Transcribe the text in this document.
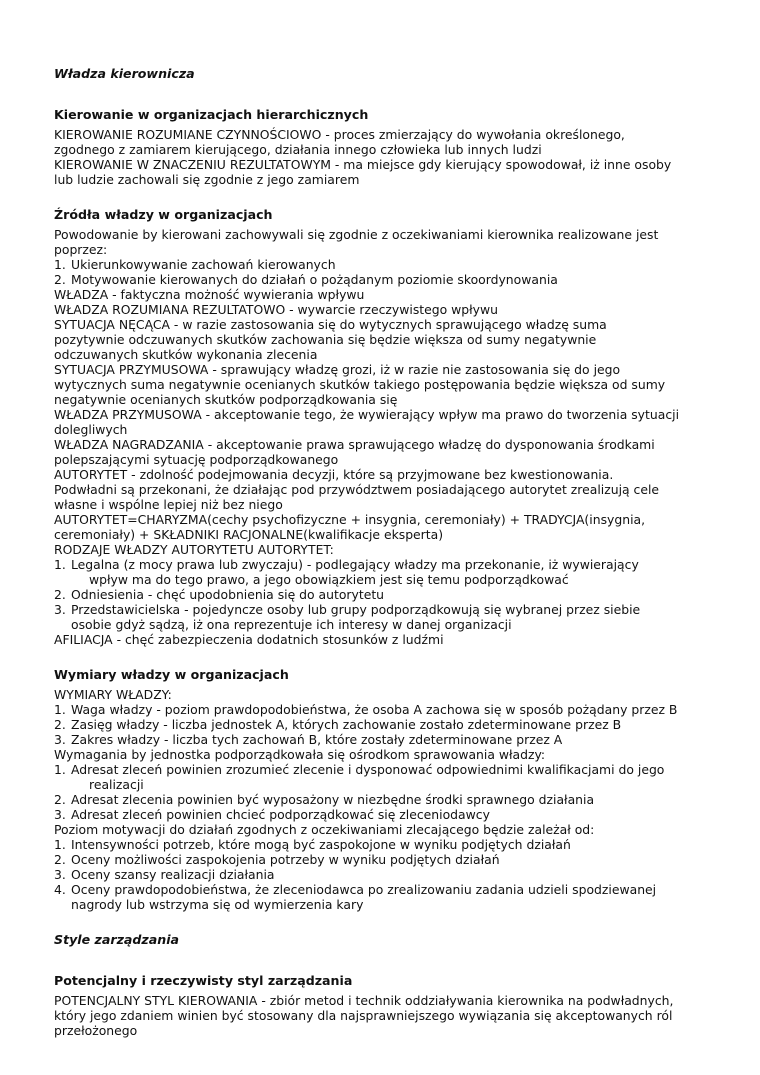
Władza kierownicza
Kierowanie w organizacjach hierarchicznych
KIEROWANIE ROZUMIANE CZYNNOŚCIOWO - proces zmierzający do wywołania określonego,
zgodnego z zamiarem kierującego, działania innego człowieka lub innych ludzi
KIEROWANIE W ZNACZENIU REZULTATOWYM - ma miejsce gdy kierujący spowodował, iż inne osoby
lub ludzie zachowali się zgodnie z jego zamiarem
Źródła władzy w organizacjach
Powodowanie by kierowani zachowywali się zgodnie z oczekiwaniami kierownika realizowane jest
poprzez:
1. Ukierunkowywanie zachowań kierowanych
2. Motywowanie kierowanych do działań o pożądanym poziomie skoordynowania
WŁADZA - faktyczna możność wywierania wpływu
WŁADZA ROZUMIANA REZULTATOWO - wywarcie rzeczywistego wpływu
SYTUACJA NĘCĄCA - w razie zastosowania się do wytycznych sprawującego władzę suma
pozytywnie odczuwanych skutków zachowania się będzie większa od sumy negatywnie
odczuwanych skutków wykonania zlecenia
SYTUACJA PRZYMUSOWA - sprawujący władzę grozi, iż w razie nie zastosowania się do jego
wytycznych suma negatywnie ocenianych skutków takiego postępowania będzie większa od sumy
negatywnie ocenianych skutków podporządkowania się
WŁADZA PRZYMUSOWA - akceptowanie tego, że wywierający wpływ ma prawo do tworzenia sytuacji
dolegliwych
WŁADZA NAGRADZANIA - akceptowanie prawa sprawującego władzę do dysponowania środkami
polepszającymi sytuację podporządkowanego
AUTORYTET - zdolność podejmowania decyzji, które są przyjmowane bez kwestionowania.
Podwładni są przekonani, że działając pod przywództwem posiadającego autorytet zrealizują cele
własne i wspólne lepiej niż bez niego
AUTORYTET=CHARYZMA(cechy psychofizyczne + insygnia, ceremoniały) + TRADYCJA(insygnia,
ceremoniały) + SKŁADNIKI RACJONALNE(kwalifikacje eksperta)
RODZAJE WŁADZY AUTORYTETU AUTORYTET:
1. Legalna (z mocy prawa lub zwyczaju) - podlegający władzy ma przekonanie, iż wywierający
wpływ ma do tego prawo, a jego obowiązkiem jest się temu podporządkować
2. Odniesienia - chęć upodobnienia się do autorytetu
3. Przedstawicielska - pojedyncze osoby lub grupy podporządkowują się wybranej przez siebie
osobie gdyż sądzą, iż ona reprezentuje ich interesy w danej organizacji
AFILIACJA - chęć zabezpieczenia dodatnich stosunków z ludźmi
Wymiary władzy w organizacjach
WYMIARY WŁADZY:
1. Waga władzy - poziom prawdopodobieństwa, że osoba A zachowa się w sposób pożądany przez B
2. Zasięg władzy - liczba jednostek A, których zachowanie zostało zdeterminowane przez B
3. Zakres władzy - liczba tych zachowań B, które zostały zdeterminowane przez A
Wymagania by jednostka podporządkowała się ośrodkom sprawowania władzy:
1. Adresat zleceń powinien zrozumieć zlecenie i dysponować odpowiednimi kwalifikacjami do jego
realizacji
2. Adresat zlecenia powinien być wyposażony w niezbędne środki sprawnego działania
3. Adresat zleceń powinien chcieć podporządkować się zleceniodawcy
Poziom motywacji do działań zgodnych z oczekiwaniami zlecającego będzie zależał od:
1. Intensywności potrzeb, które mogą być zaspokojone w wyniku podjętych działań
2. Oceny możliwości zaspokojenia potrzeby w wyniku podjętych działań
3. Oceny szansy realizacji działania
4. Oceny prawdopodobieństwa, że zleceniodawca po zrealizowaniu zadania udzieli spodziewanej
nagrody lub wstrzyma się od wymierzenia kary
Style zarządzania
Potencjalny i rzeczywisty styl zarządzania
POTENCJALNY STYL KIEROWANIA - zbiór metod i technik oddziaływania kierownika na podwładnych,
który jego zdaniem winien być stosowany dla najsprawniejszego wywiązania się akceptowanych ról
przełożonego
